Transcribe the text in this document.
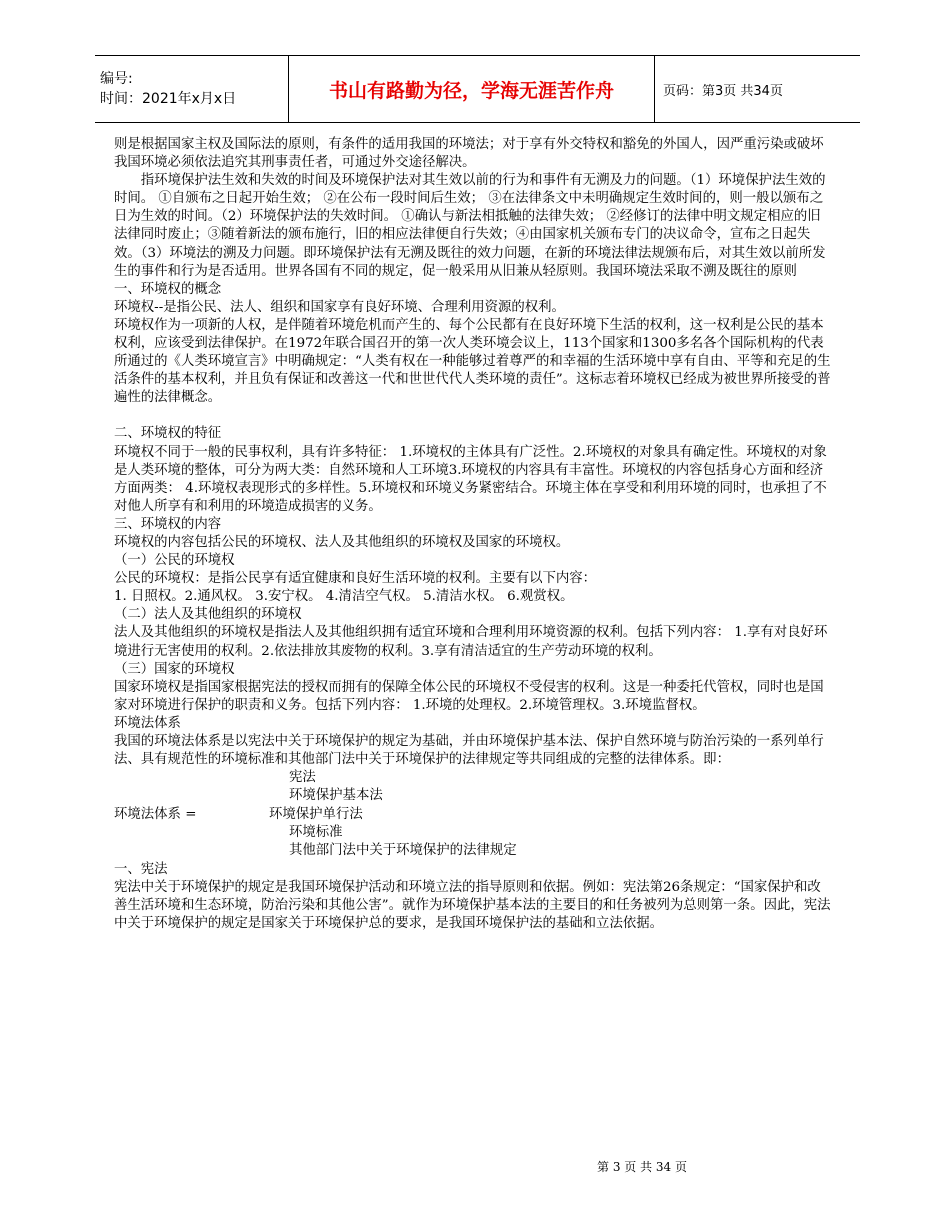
编号:
时间：2021年x月x日	书山有路勤为径，学海无涯苦作舟	页码：第3页 共34页

则是根据国家主权及国际法的原则，有条件的适用我国的环境法；对于享有外交特权和豁免的外国人，因严重污染或破坏我国环境必须依法追究其刑事责任者，可通过外交途径解决。

指环境保护法生效和失效的时间及环境保护法对其生效以前的行为和事件有无溯及力的问题。（1）环境保护法生效的时间。 ①自颁布之日起开始生效； ②在公布一段时间后生效； ③在法律条文中未明确规定生效时间的，则一般以颁布之日为生效的时间。（2）环境保护法的失效时间。 ①确认与新法相抵触的法律失效； ②经修订的法律中明文规定相应的旧法律同时废止；③随着新法的颁布施行，旧的相应法律便自行失效；④由国家机关颁布专门的决议命令，宣布之日起失效。（3）环境法的溯及力问题。即环境保护法有无溯及既往的效力问题，在新的环境法律法规颁布后，对其生效以前所发生的事件和行为是否适用。世界各国有不同的规定，促一般采用从旧兼从轻原则。我国环境法采取不溯及既往的原则

一、环境权的概念

环境权--是指公民、法人、组织和国家享有良好环境、合理利用资源的权利。

环境权作为一项新的人权，是伴随着环境危机而产生的、每个公民都有在良好环境下生活的权利，这一权利是公民的基本权利，应该受到法律保护。在1972年联合国召开的第一次人类环境会议上，113个国家和1300多名各个国际机构的代表所通过的《人类环境宣言》中明确规定：“人类有权在一种能够过着尊严的和幸福的生活环境中享有自由、平等和充足的生活条件的基本权利，并且负有保证和改善这一代和世世代代人类环境的责任”。这标志着环境权已经成为被世界所接受的普遍性的法律概念。

二、环境权的特征

环境权不同于一般的民事权利，具有许多特征： 1.环境权的主体具有广泛性。2.环境权的对象具有确定性。环境权的对象是人类环境的整体，可分为两大类：自然环境和人工环境3.环境权的内容具有丰富性。环境权的内容包括身心方面和经济方面两类： 4.环境权表现形式的多样性。5.环境权和环境义务紧密结合。环境主体在享受和利用环境的同时，也承担了不对他人所享有和利用的环境造成损害的义务。

三、环境权的内容

环境权的内容包括公民的环境权、法人及其他组织的环境权及国家的环境权。

（一）公民的环境权

公民的环境权：是指公民享有适宜健康和良好生活环境的权利。主要有以下内容：

1. 日照权。2.通风权。 3.安宁权。 4.清洁空气权。 5.清洁水权。 6.观赏权。

（二）法人及其他组织的环境权

法人及其他组织的环境权是指法人及其他组织拥有适宜环境和合理利用环境资源的权利。包括下列内容： 1.享有对良好环境进行无害使用的权利。2.依法排放其废物的权利。3.享有清洁适宜的生产劳动环境的权利。

（三）国家的环境权

国家环境权是指国家根据宪法的授权而拥有的保障全体公民的环境权不受侵害的权利。这是一种委托代管权，同时也是国家对环境进行保护的职责和义务。包括下列内容： 1.环境的处理权。2.环境管理权。3.环境监督权。

环境法体系

我国的环境法体系是以宪法中关于环境保护的规定为基础，并由环境保护基本法、保护自然环境与防治污染的一系列单行法、具有规范性的环境标准和其他部门法中关于环境保护的法律规定等共同组成的完整的法律体系。即：

宪法
环境保护基本法
环境法体系 =	环境保护单行法
环境标准
其他部门法中关于环境保护的法律规定

一、宪法

宪法中关于环境保护的规定是我国环境保护活动和环境立法的指导原则和依据。例如：宪法第26条规定：“国家保护和改善生活环境和生态环境，防治污染和其他公害”。就作为环境保护基本法的主要目的和任务被列为总则第一条。因此，宪法中关于环境保护的规定是国家关于环境保护总的要求，是我国环境保护法的基础和立法依据。

第 3 页 共 34 页
